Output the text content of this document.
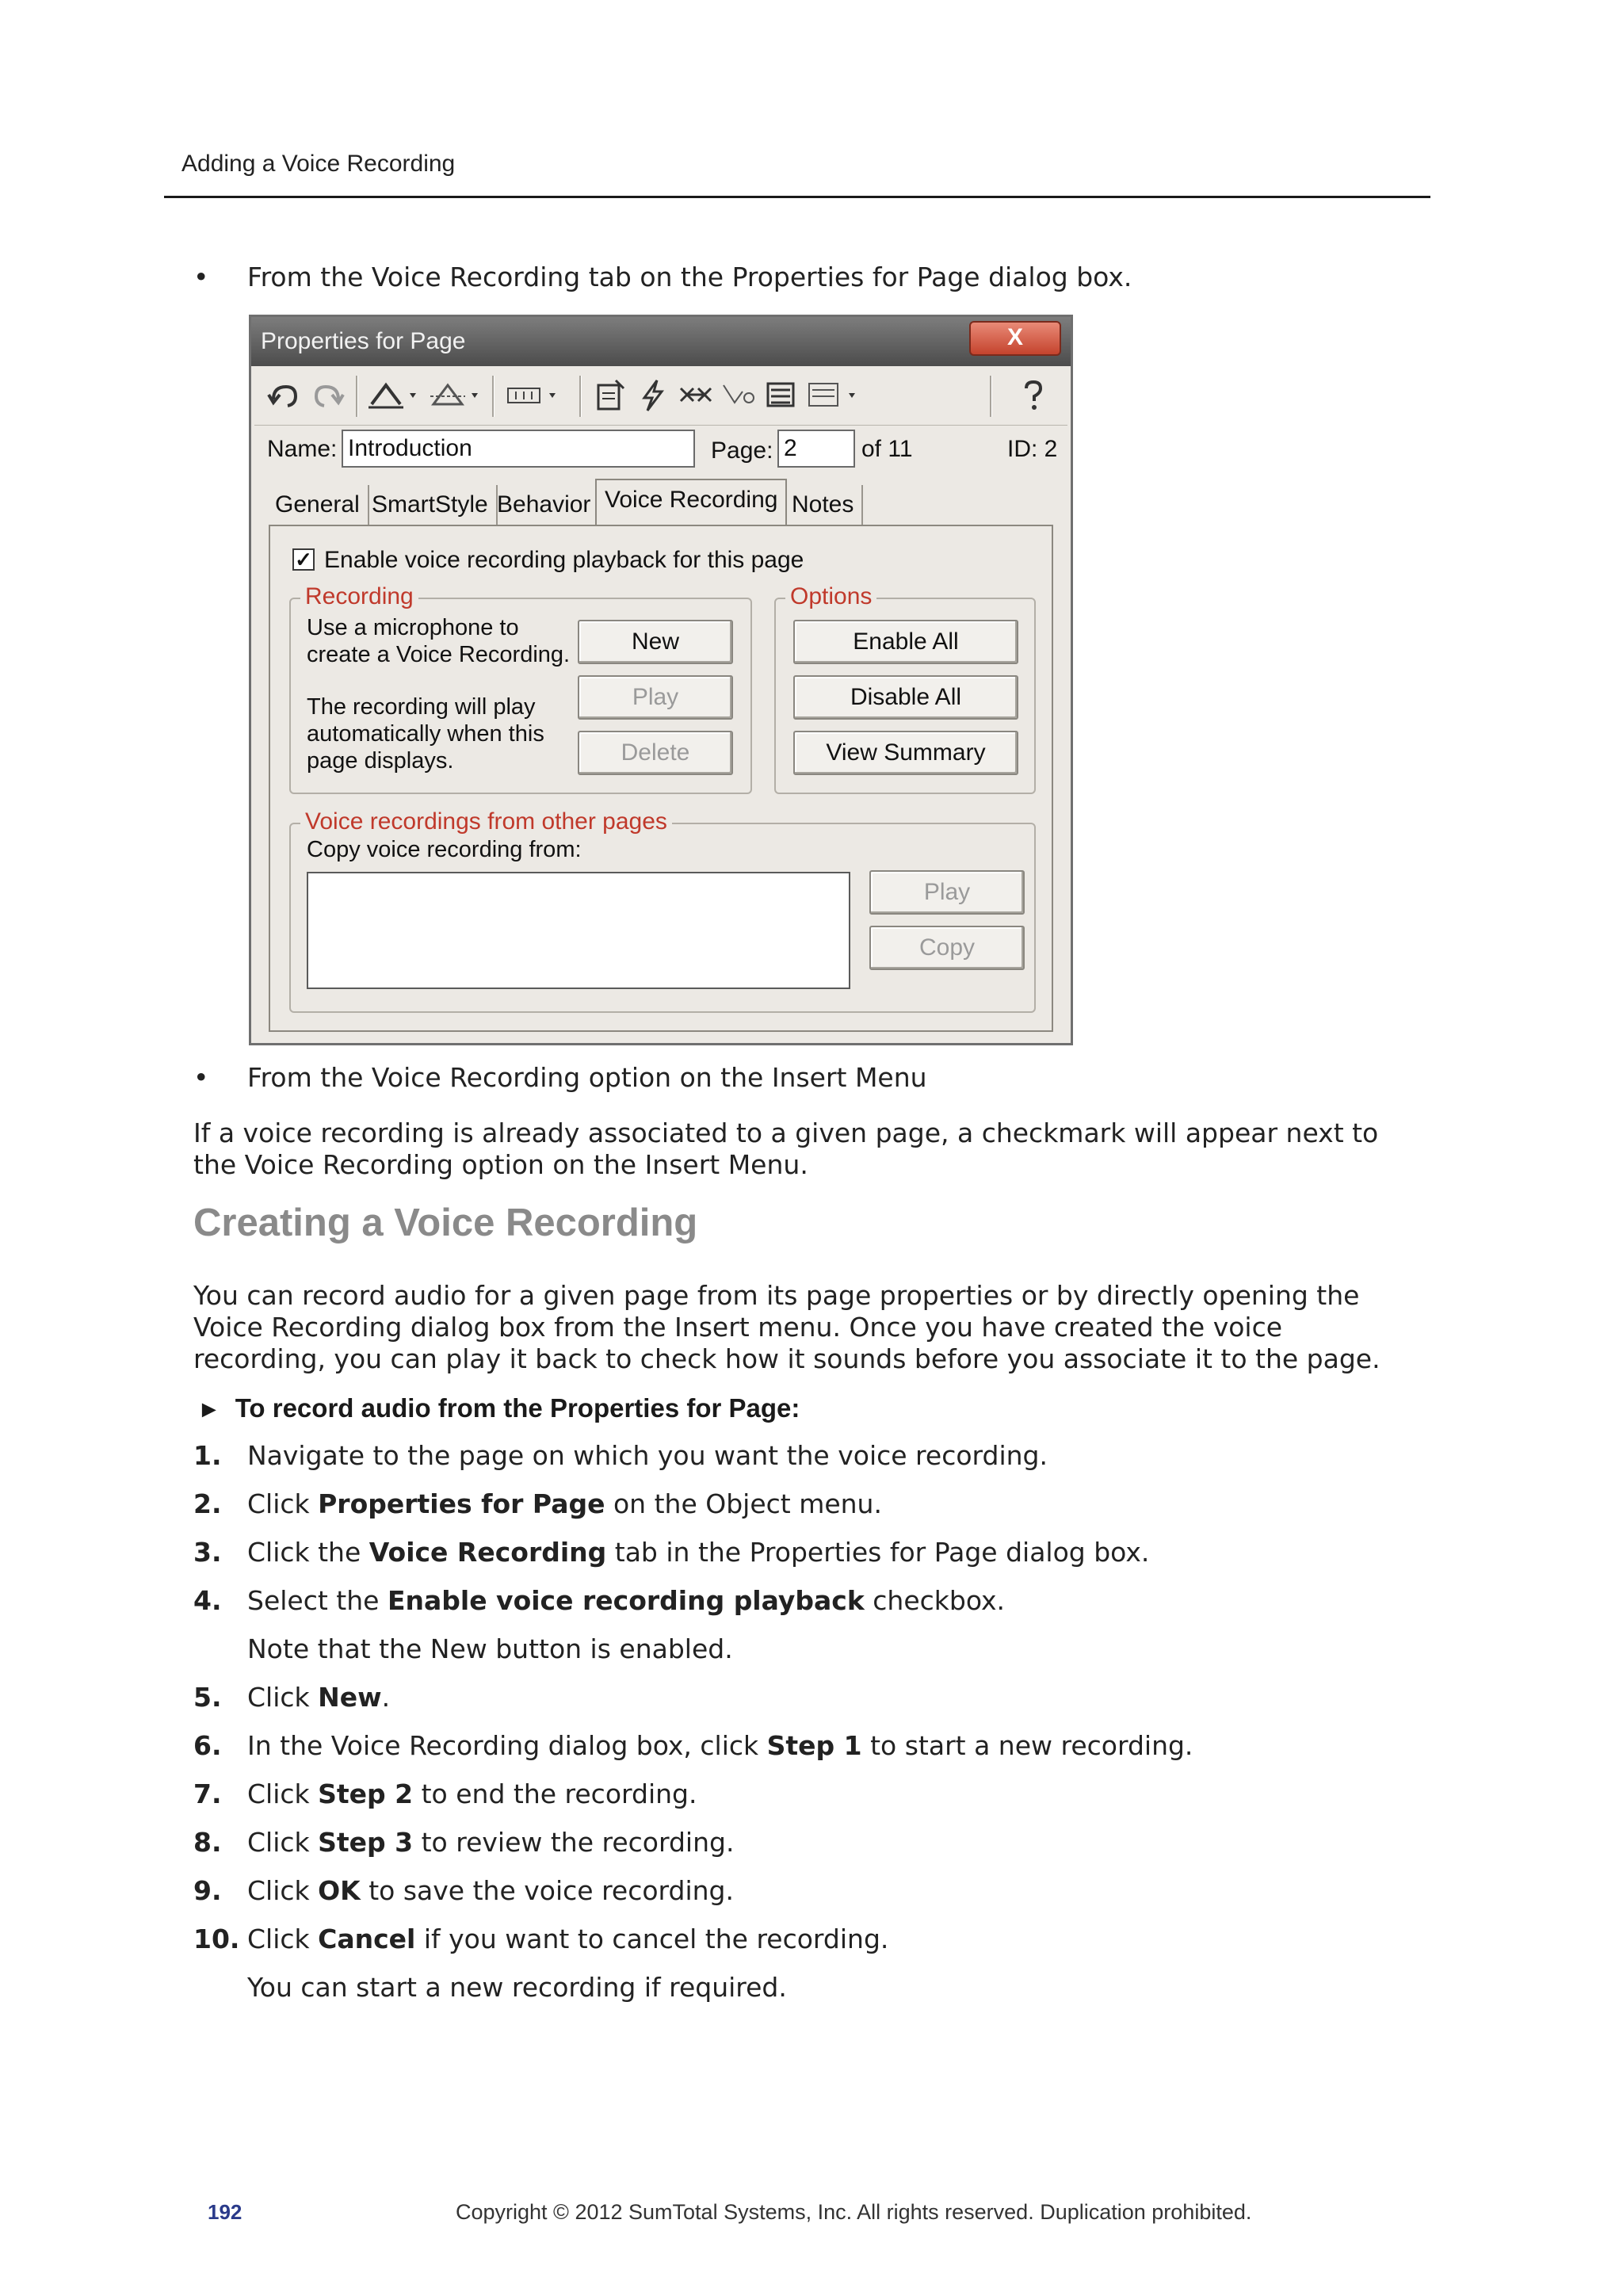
Adding a Voice Recording
• From the Voice Recording tab on the Properties for Page dialog box.
Properties for Page	X
Name: Introduction	Page: 2	of 11	ID: 2
General SmartStyle Behavior Voice Recording Notes
✓ Enable voice recording playback for this page
Recording
Use a microphone to
create a Voice Recording.
The recording will play
automatically when this
page displays.
New
Play
Delete
Options
Enable All
Disable All
View Summary
Voice recordings from other pages
Copy voice recording from:
Play
Copy
• From the Voice Recording option on the Insert Menu
If a voice recording is already associated to a given page, a checkmark will appear next to the Voice Recording option on the Insert Menu.
Creating a Voice Recording
You can record audio for a given page from its page properties or by directly opening the Voice Recording dialog box from the Insert menu. Once you have created the voice recording, you can play it back to check how it sounds before you associate it to the page.
► To record audio from the Properties for Page:
1. Navigate to the page on which you want the voice recording.
2. Click Properties for Page on the Object menu.
3. Click the Voice Recording tab in the Properties for Page dialog box.
4. Select the Enable voice recording playback checkbox.
Note that the New button is enabled.
5. Click New.
6. In the Voice Recording dialog box, click Step 1 to start a new recording.
7. Click Step 2 to end the recording.
8. Click Step 3 to review the recording.
9. Click OK to save the voice recording.
10. Click Cancel if you want to cancel the recording.
You can start a new recording if required.
192	Copyright © 2012 SumTotal Systems, Inc. All rights reserved. Duplication prohibited.
